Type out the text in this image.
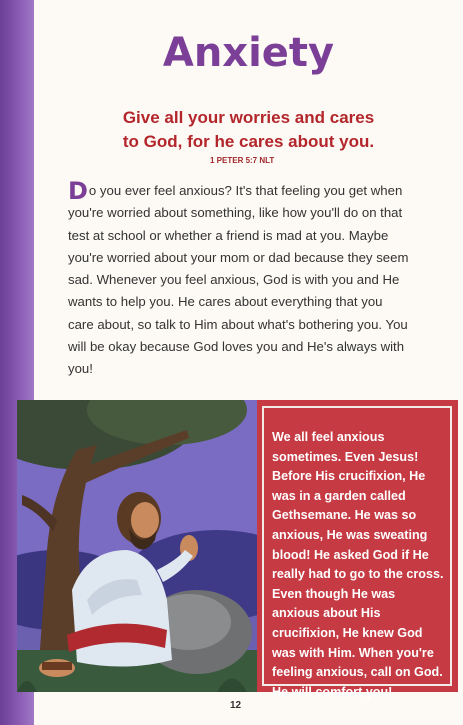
Anxiety
Give all your worries and cares
to God, for he cares about you.

1 PETER 5:7 NLT

Do you ever feel anxious? It's that feeling you get when you're worried about something, like how you'll do on that test at school or whether a friend is mad at you. Maybe you're worried about your mom or dad because they seem sad. Whenever you feel anxious, God is with you and He wants to help you. He cares about everything that you care about, so talk to Him about what's bothering you. You will be okay because God loves you and He's always with you!

We all feel anxious sometimes. Even Jesus! Before His crucifixion, He was in a garden called Gethsemane. He was so anxious, He was sweating blood! He asked God if He really had to go to the cross. Even though He was anxious about His crucifixion, He knew God was with Him. When you're feeling anxious, call on God. He will comfort you!

12
